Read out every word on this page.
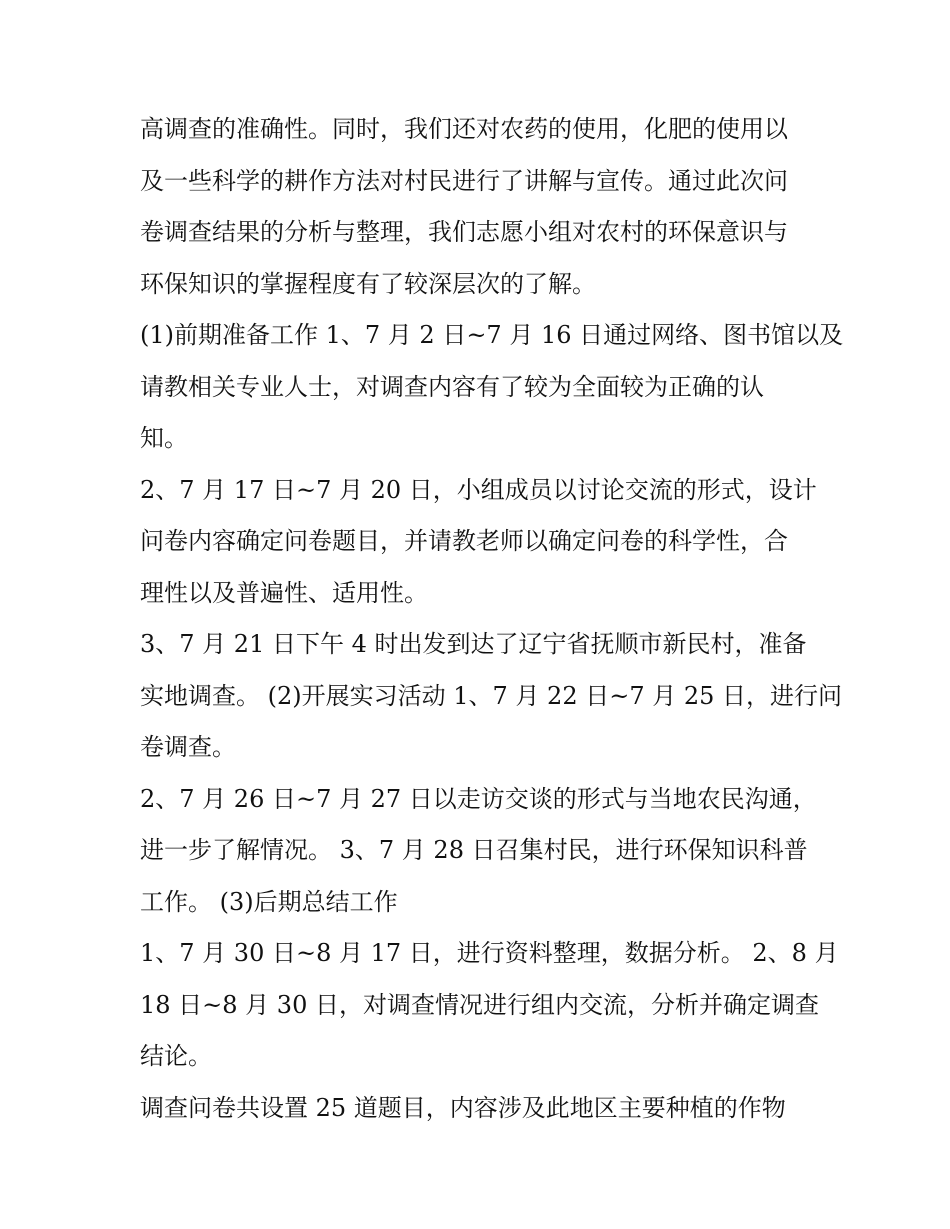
高调查的准确性。同时，我们还对农药的使用，化肥的使用以
及一些科学的耕作方法对村民进行了讲解与宣传。通过此次问
卷调查结果的分析与整理，我们志愿小组对农村的环保意识与
环保知识的掌握程度有了较深层次的了解。
(1)前期准备工作 1、7 月 2 日~7 月 16 日通过网络、图书馆以及
请教相关专业人士，对调查内容有了较为全面较为正确的认
知。
2、7 月 17 日~7 月 20 日，小组成员以讨论交流的形式，设计
问卷内容确定问卷题目，并请教老师以确定问卷的科学性，合
理性以及普遍性、适用性。
3、7 月 21 日下午 4 时出发到达了辽宁省抚顺市新民村，准备
实地调查。 (2)开展实习活动 1、7 月 22 日~7 月 25 日，进行问
卷调查。
2、7 月 26 日~7 月 27 日以走访交谈的形式与当地农民沟通，
进一步了解情况。 3、7 月 28 日召集村民，进行环保知识科普
工作。 (3)后期总结工作
1、7 月 30 日~8 月 17 日，进行资料整理，数据分析。 2、8 月
18 日~8 月 30 日，对调查情况进行组内交流，分析并确定调查
结论。
调查问卷共设置 25 道题目，内容涉及此地区主要种植的作物
